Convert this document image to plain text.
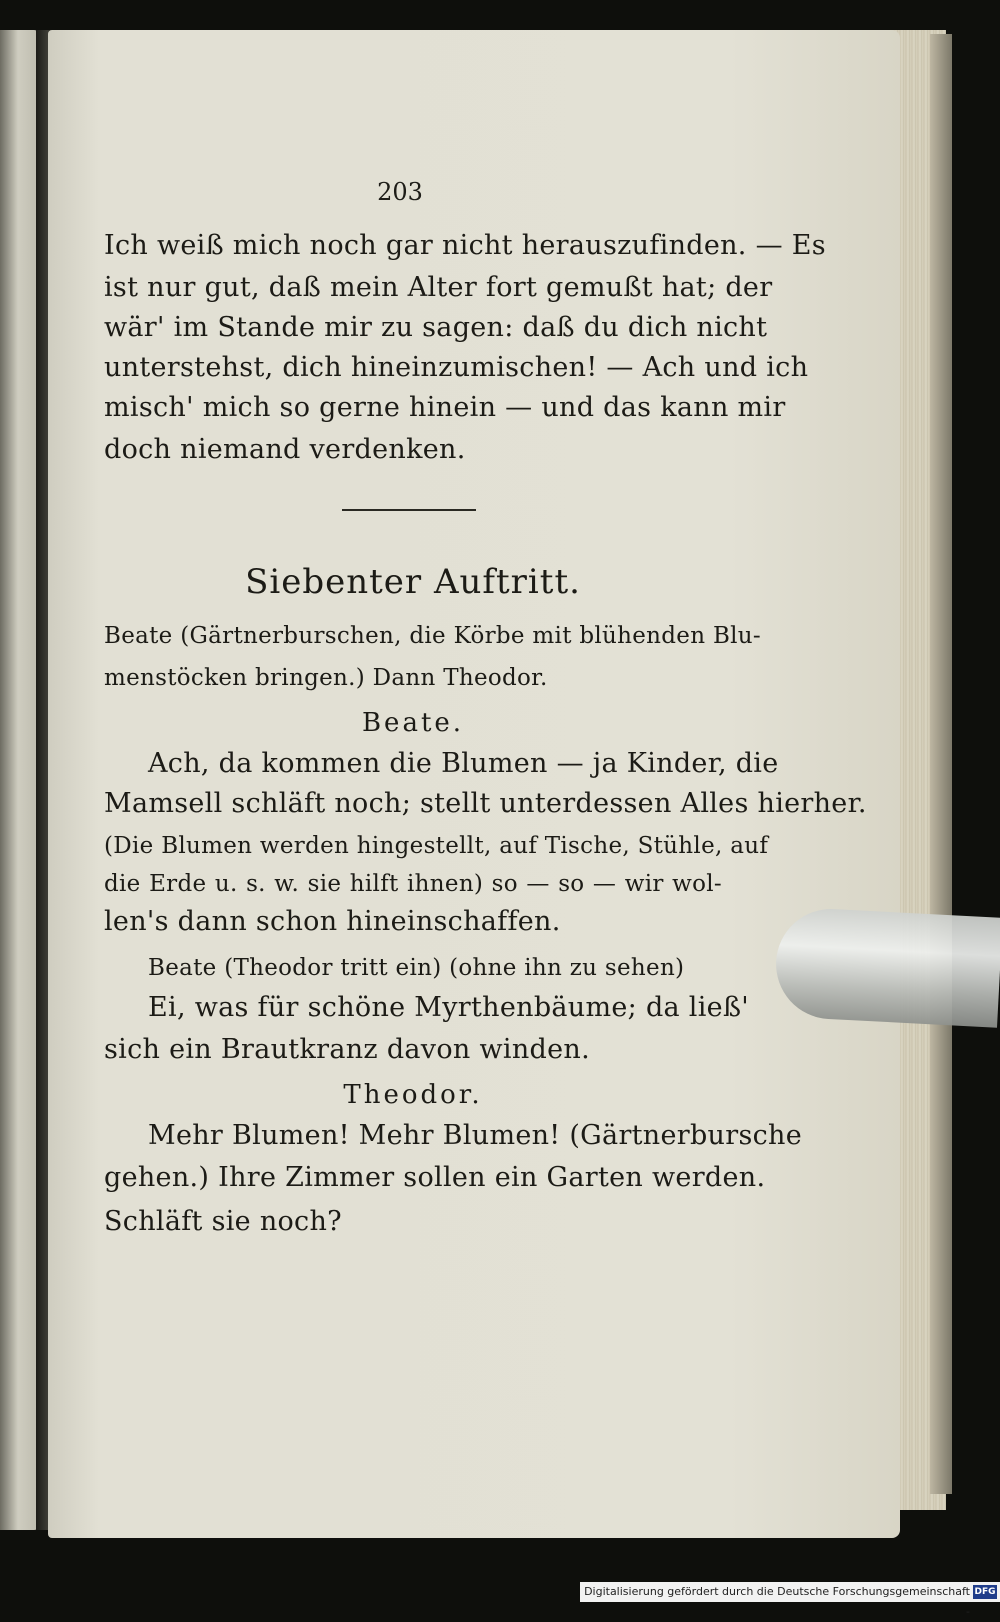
203
Ich weiß mich noch gar nicht herauszufinden. — Es
ist nur gut, daß mein Alter fort gemußt hat; der
wär' im Stande mir zu sagen: daß du dich nicht
unterstehst, dich hineinzumischen! — Ach und ich
misch' mich so gerne hinein — und das kann mir
doch niemand verdenken.
Siebenter Auftritt.
Beate (Gärtnerburschen, die Körbe mit blühenden Blu-
menstöcken bringen.) Dann Theodor.
Beate.
Ach, da kommen die Blumen — ja Kinder, die
Mamsell schläft noch; stellt unterdessen Alles hierher.
(Die Blumen werden hingestellt, auf Tische, Stühle, auf
die Erde u. s. w. sie hilft ihnen) so — so — wir wol-
len's dann schon hineinschaffen.
Beate (Theodor tritt ein) (ohne ihn zu sehen)
Ei, was für schöne Myrthenbäume; da ließ'
sich ein Brautkranz davon winden.
Theodor.
Mehr Blumen! Mehr Blumen! (Gärtnerbursche
gehen.) Ihre Zimmer sollen ein Garten werden.
Schläft sie noch?
Digitalisierung gefördert durch die Deutsche Forschungsgemeinschaft -
DFG
